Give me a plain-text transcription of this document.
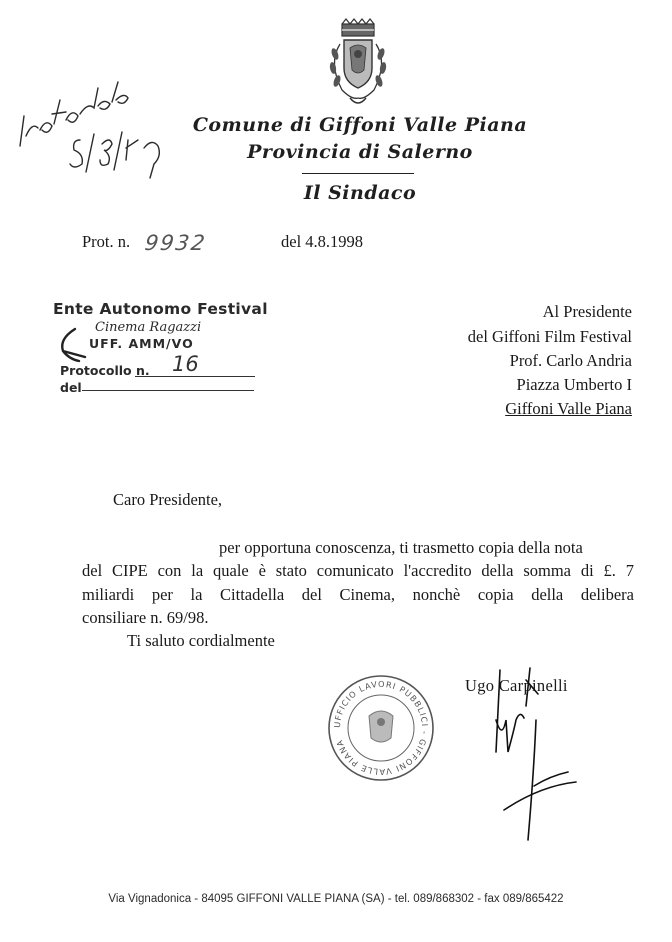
Comune di Giffoni Valle Piana
Provincia di Salerno
Il Sindaco
Prot. n. 9932	del 4.8.1998
Ente Autonomo Festival
Cinema Ragazzi
UFF. AMM/VO
Protocollo n. 16
del
Al Presidente
del Giffoni Film Festival
Prof. Carlo Andria
Piazza Umberto I
Giffoni Valle Piana
Caro Presidente,
per opportuna conoscenza, ti trasmetto copia della nota
del CIPE con la quale è stato comunicato l'accredito della somma di £. 7
miliardi per la Cittadella del Cinema, nonchè copia della delibera
consiliare n. 69/98.
Ti saluto cordialmente
UFFICIO LAVORI PUBBLICI - GIFFONI VALLE PIANA
Ugo Carpinelli
Via Vignadonica - 84095 GIFFONI VALLE PIANA (SA) - tel. 089/868302 - fax 089/865422
